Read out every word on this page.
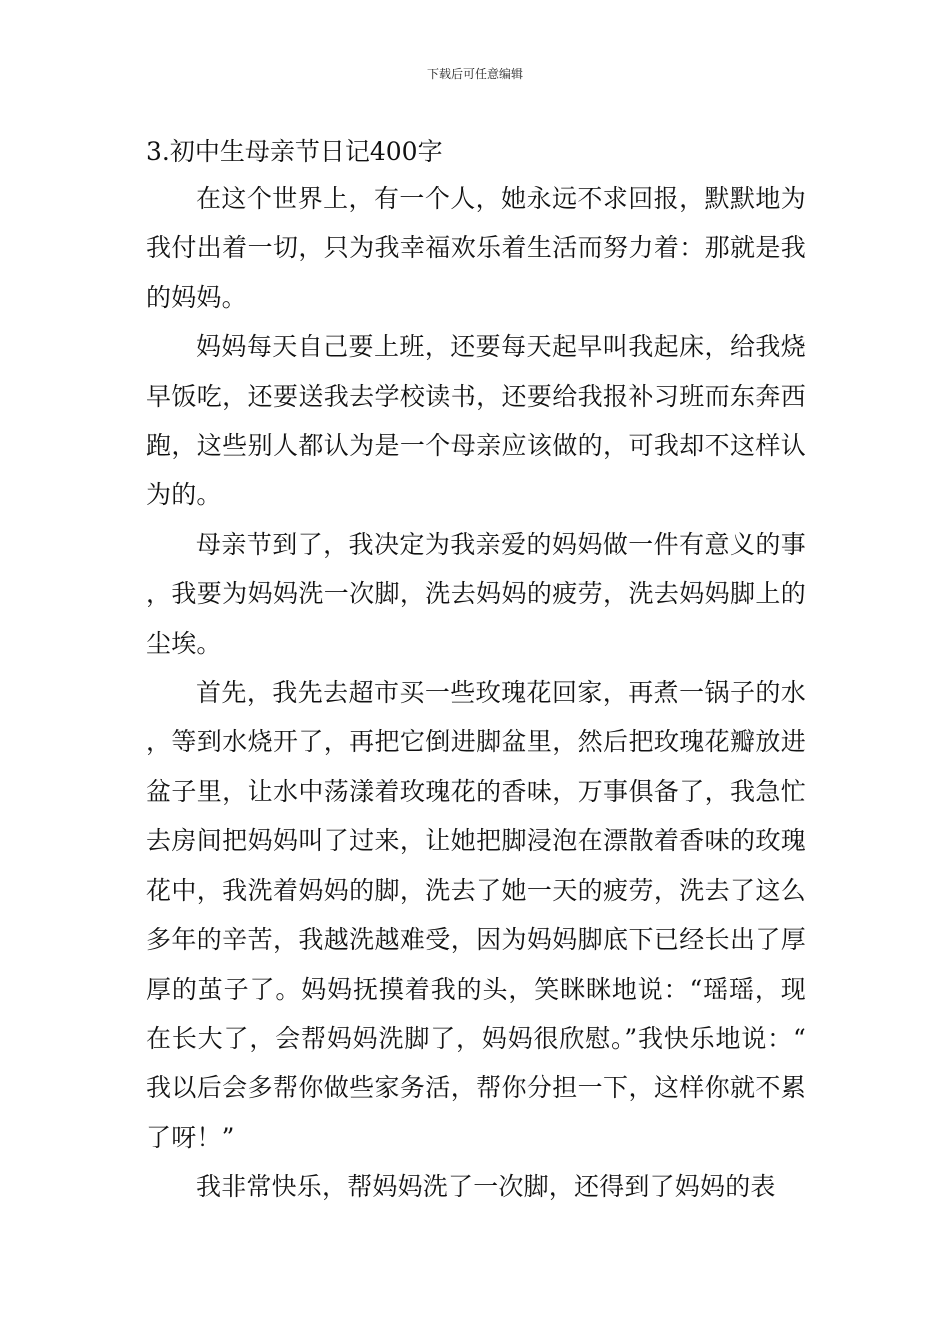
下载后可任意编辑
3.初中生母亲节日记400字

在这个世界上，有一个人，她永远不求回报，默默地为我付出着一切，只为我幸福欢乐着生活而努力着：那就是我的妈妈。

妈妈每天自己要上班，还要每天起早叫我起床，给我烧早饭吃，还要送我去学校读书，还要给我报补习班而东奔西跑，这些别人都认为是一个母亲应该做的，可我却不这样认为的。

母亲节到了，我决定为我亲爱的妈妈做一件有意义的事，我要为妈妈洗一次脚，洗去妈妈的疲劳，洗去妈妈脚上的尘埃。

首先，我先去超市买一些玫瑰花回家，再煮一锅子的水，等到水烧开了，再把它倒进脚盆里，然后把玫瑰花瓣放进盆子里，让水中荡漾着玫瑰花的香味，万事俱备了，我急忙去房间把妈妈叫了过来，让她把脚浸泡在漂散着香味的玫瑰花中，我洗着妈妈的脚，洗去了她一天的疲劳，洗去了这么多年的辛苦，我越洗越难受，因为妈妈脚底下已经长出了厚厚的茧子了。妈妈抚摸着我的头，笑眯眯地说：“瑶瑶，现在长大了，会帮妈妈洗脚了，妈妈很欣慰。”我快乐地说：“我以后会多帮你做些家务活，帮你分担一下，这样你就不累了呀！”

我非常快乐，帮妈妈洗了一次脚，还得到了妈妈的表
